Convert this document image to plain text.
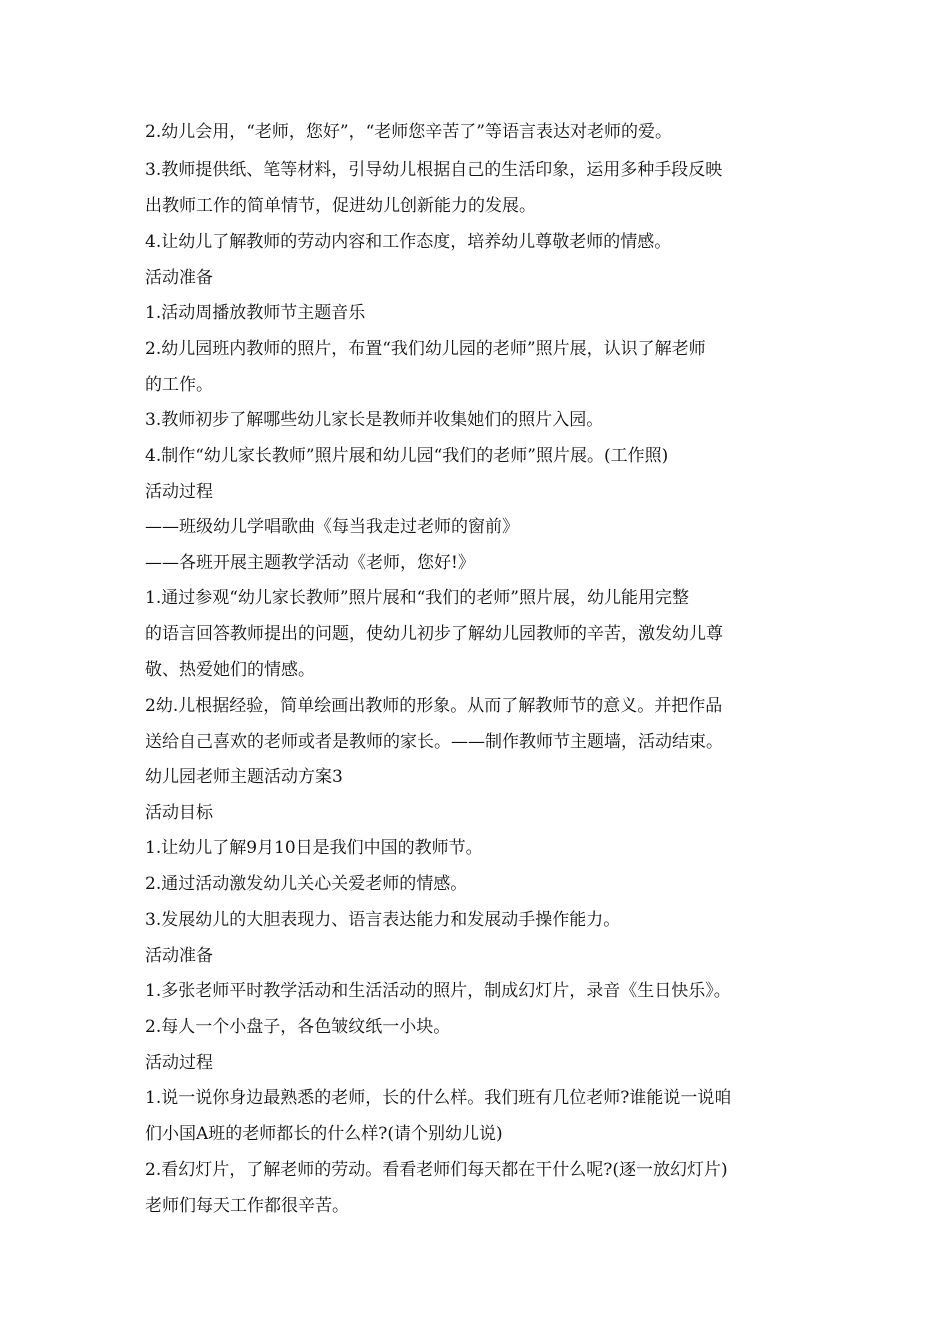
2.幼儿会用，“老师，您好”，“老师您辛苦了”等语言表达对老师的爱。
3.教师提供纸、笔等材料，引导幼儿根据自己的生活印象，运用多种手段反映
出教师工作的简单情节，促进幼儿创新能力的发展。
4.让幼儿了解教师的劳动内容和工作态度，培养幼儿尊敬老师的情感。
活动准备
1.活动周播放教师节主题音乐
2.幼儿园班内教师的照片，布置“我们幼儿园的老师”照片展，认识了解老师
的工作。
3.教师初步了解哪些幼儿家长是教师并收集她们的照片入园。
4.制作“幼儿家长教师”照片展和幼儿园“我们的老师”照片展。(工作照)
活动过程
——班级幼儿学唱歌曲《每当我走过老师的窗前》
——各班开展主题教学活动《老师，您好!》
1.通过参观“幼儿家长教师”照片展和“我们的老师”照片展，幼儿能用完整
的语言回答教师提出的问题，使幼儿初步了解幼儿园教师的辛苦，激发幼儿尊
敬、热爱她们的情感。
2幼.儿根据经验，简单绘画出教师的形象。从而了解教师节的意义。并把作品
送给自己喜欢的老师或者是教师的家长。——制作教师节主题墙，活动结束。
幼儿园老师主题活动方案3
活动目标
1.让幼儿了解9月10日是我们中国的教师节。
2.通过活动激发幼儿关心关爱老师的情感。
3.发展幼儿的大胆表现力、语言表达能力和发展动手操作能力。
活动准备
1.多张老师平时教学活动和生活活动的照片，制成幻灯片，录音《生日快乐》。
2.每人一个小盘子，各色皱纹纸一小块。
活动过程
1.说一说你身边最熟悉的老师，长的什么样。我们班有几位老师?谁能说一说咱
们小国A班的老师都长的什么样?(请个别幼儿说)
2.看幻灯片，了解老师的劳动。看看老师们每天都在干什么呢?(逐一放幻灯片)
老师们每天工作都很辛苦。
